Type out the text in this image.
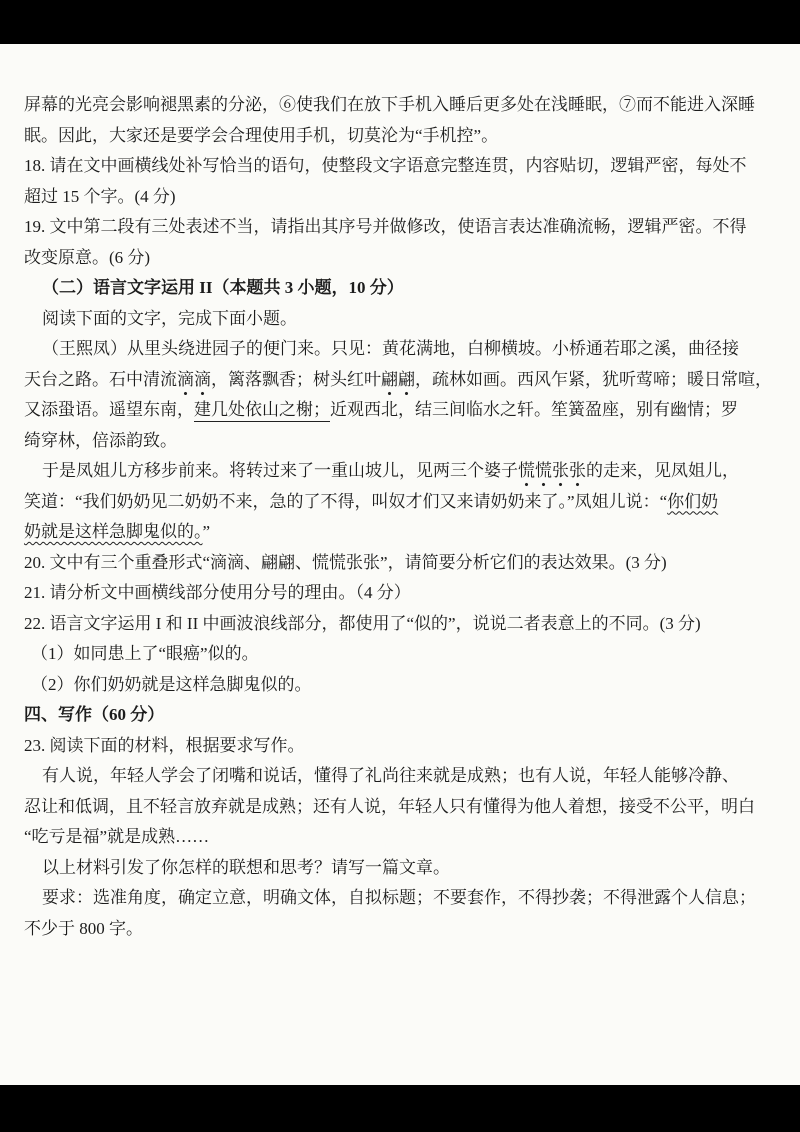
屏幕的光亮会影响褪黑素的分泌，⑥使我们在放下手机入睡后更多处在浅睡眠，⑦而不能进入深睡
眠。因此，大家还是要学会合理使用手机，切莫沦为“手机控”。
18. 请在文中画横线处补写恰当的语句，使整段文字语意完整连贯，内容贴切，逻辑严密，每处不
超过 15 个字。(4 分)
19. 文中第二段有三处表述不当，请指出其序号并做修改，使语言表达准确流畅，逻辑严密。不得
改变原意。(6 分)
（二）语言文字运用 II（本题共 3 小题，10 分）
阅读下面的文字，完成下面小题。
（王熙凤）从里头绕进园子的便门来。只见：黄花满地，白柳横坡。小桥通若耶之溪，曲径接
天台之路。石中清流滴滴，篱落飘香；树头红叶翩翩，疏林如画。西风乍紧，犹听莺啼；暖日常喧，
又添蛩语。遥望东南，建几处依山之榭；近观西北，结三间临水之轩。笙簧盈座，别有幽情；罗
绮穿林，倍添韵致。
于是凤姐儿方移步前来。将转过来了一重山坡儿，见两三个婆子慌慌张张的走来，见凤姐儿，
笑道：“我们奶奶见二奶奶不来，急的了不得，叫奴才们又来请奶奶来了。”凤姐儿说：“你们奶
奶就是这样急脚鬼似的。”
20. 文中有三个重叠形式“滴滴、翩翩、慌慌张张”，请简要分析它们的表达效果。(3 分)
21. 请分析文中画横线部分使用分号的理由。（4 分）
22. 语言文字运用 I 和 II 中画波浪线部分，都使用了“似的”，说说二者表意上的不同。(3 分)
（1）如同患上了“眼癌”似的。
（2）你们奶奶就是这样急脚鬼似的。
四、写作（60 分）
23. 阅读下面的材料，根据要求写作。
有人说，年轻人学会了闭嘴和说话，懂得了礼尚往来就是成熟；也有人说，年轻人能够冷静、
忍让和低调，且不轻言放弃就是成熟；还有人说，年轻人只有懂得为他人着想，接受不公平，明白
“吃亏是福”就是成熟……
以上材料引发了你怎样的联想和思考？请写一篇文章。
要求：选准角度，确定立意，明确文体，自拟标题；不要套作，不得抄袭；不得泄露个人信息；
不少于 800 字。
